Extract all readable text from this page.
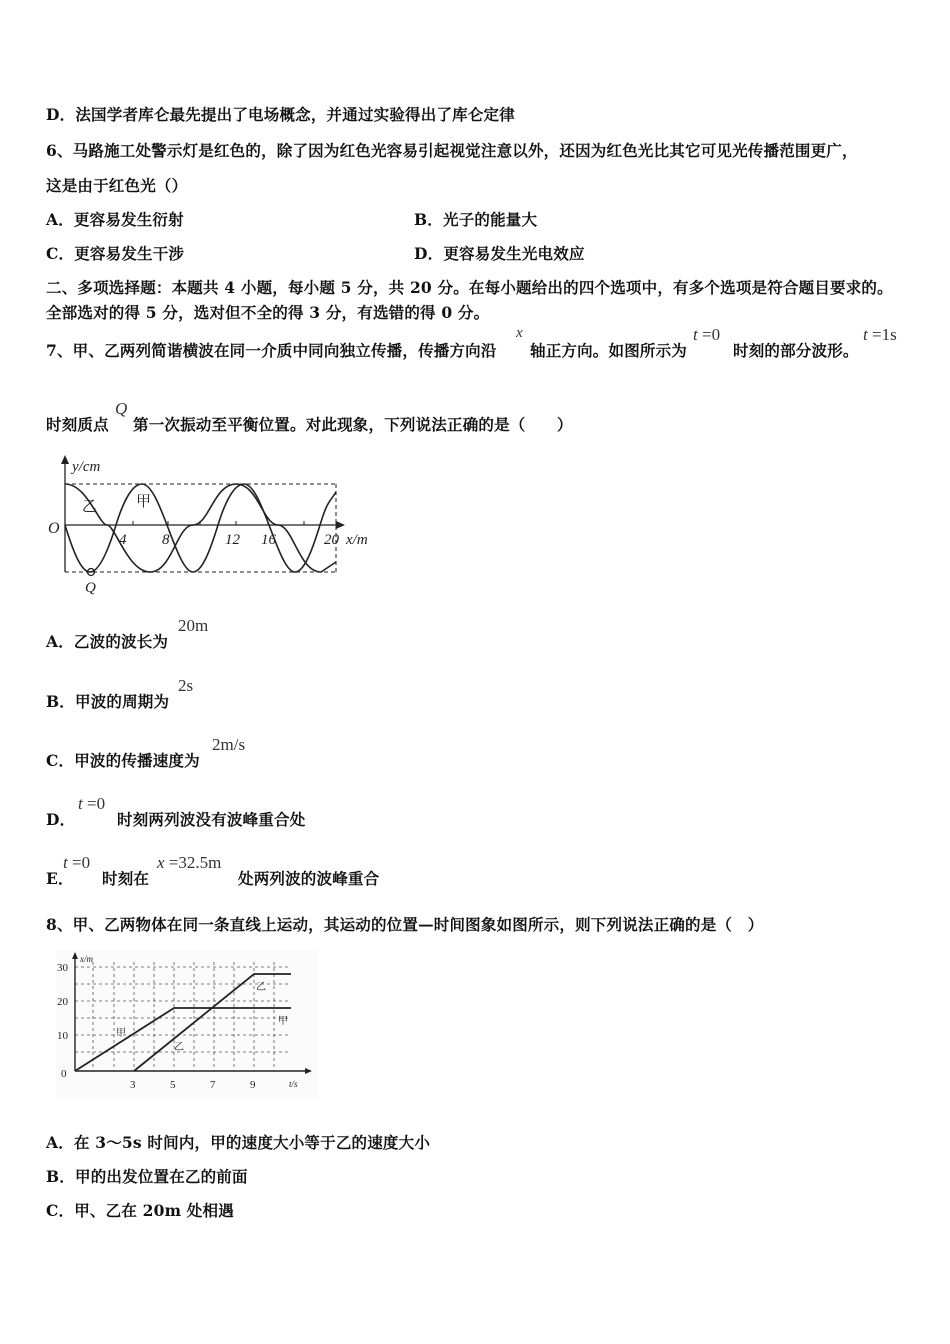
D．法国学者库仑最先提出了电场概念，并通过实验得出了库仑定律
6、马路施工处警示灯是红色的，除了因为红色光容易引起视觉注意以外，还因为红色光比其它可见光传播范围更广，
这是由于红色光（）
A．更容易发生衍射	B．光子的能量大
C．更容易发生干涉	D．更容易发生光电效应
二、多项选择题：本题共 4 小题，每小题 5 分，共 20 分。在每小题给出的四个选项中，有多个选项是符合题目要求的。
全部选对的得 5 分，选对但不全的得 3 分，有选错的得 0 分。
7、甲、乙两列简谐横波在同一介质中同向独立传播，传播方向沿
x
轴正方向。如图所示为
t =0
时刻的部分波形。
t =1s
时刻质点
Q
第一次振动至平衡位置。对此现象，下列说法正确的是（　　）
y/cm
O
乙	甲
4 8	12 16	20 x/m
Q
A．乙波的波长为
20m
B．甲波的周期为
2s
C．甲波的传播速度为
2m/s
D．
t =0
时刻两列波没有波峰重合处
E．
t =0
时刻在
x =32.5m
处两列波的波峰重合
8、甲、乙两物体在同一条直线上运动，其运动的位置—时间图象如图所示，则下列说法正确的是（　）
x/m
30
20
10
0
3	5	7	9	t/s
甲
甲
乙
乙
A．在 3～5s 时间内，甲的速度大小等于乙的速度大小
B．甲的出发位置在乙的前面
C．甲、乙在 20m 处相遇
